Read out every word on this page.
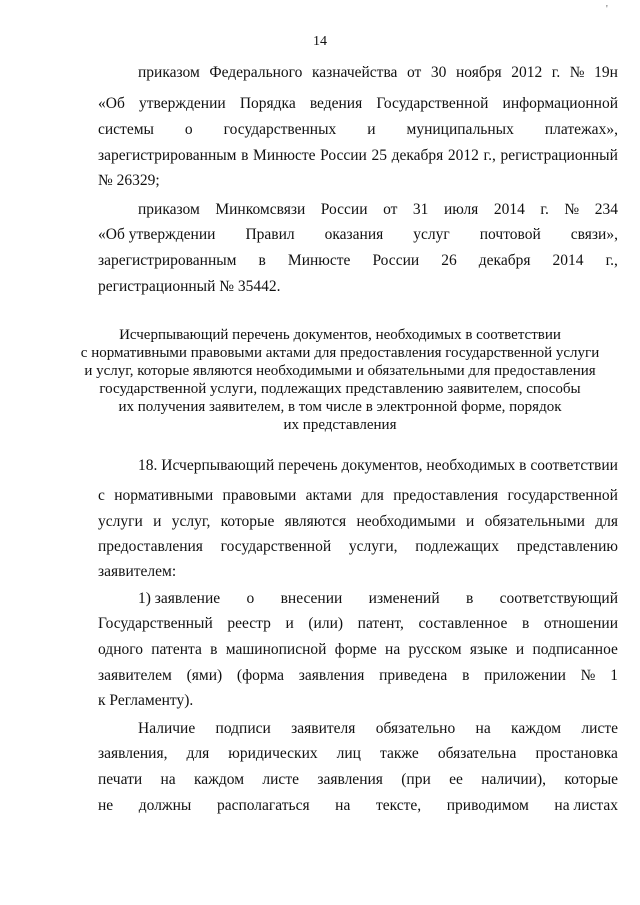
'
14
приказом Федерального казначейства от 30 ноября 2012 г. № 19н
«Об утверждении Порядка ведения Государственной информационной
системы о государственных и муниципальных платежах»,
зарегистрированным в Минюсте России 25 декабря 2012 г., регистрационный
№ 26329;
приказом Минкомсвязи России от 31 июля 2014 г. № 234
«Об утверждении Правил оказания услуг почтовой связи»,
зарегистрированным в Минюсте России 26 декабря 2014 г.,
регистрационный № 35442.
Исчерпывающий перечень документов, необходимых в соответствии
с нормативными правовыми актами для предоставления государственной услуги
и услуг, которые являются необходимыми и обязательными для предоставления
государственной услуги, подлежащих представлению заявителем, способы
их получения заявителем, в том числе в электронной форме, порядок
их представления
18. Исчерпывающий перечень документов, необходимых в соответствии
с нормативными правовыми актами для предоставления государственной
услуги и услуг, которые являются необходимыми и обязательными для
предоставления государственной услуги, подлежащих представлению
заявителем:
1) заявление о внесении изменений в соответствующий
Государственный реестр и (или) патент, составленное в отношении
одного патента в машинописной форме на русском языке и подписанное
заявителем (ями) (форма заявления приведена в приложении № 1
к Регламенту).
Наличие подписи заявителя обязательно на каждом листе
заявления, для юридических лиц также обязательна простановка
печати на каждом листе заявления (при ее наличии), которые
не должны располагаться на тексте, приводимом на листах
